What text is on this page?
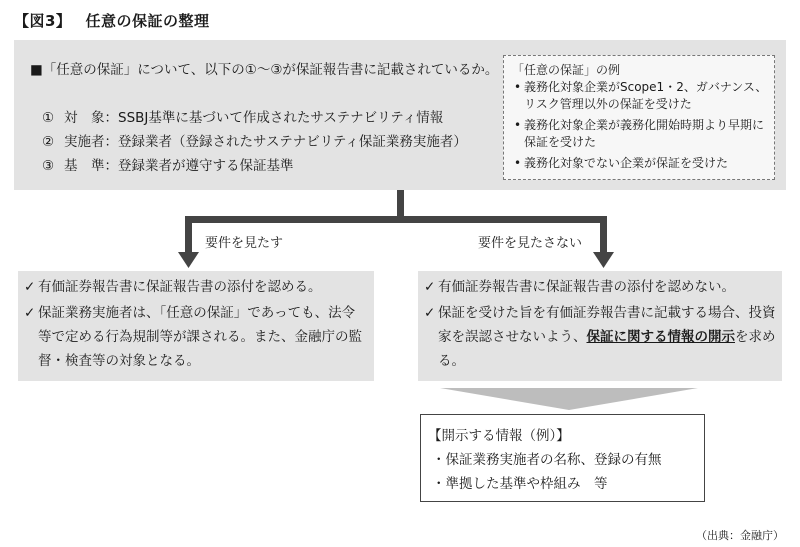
【図3】 任意の保証の整理
■「任意の保証」について、以下の①～③が保証報告書に記載されているか。
① 対　象：SSBJ基準に基づいて作成されたサステナビリティ情報
② 実施者：登録業者（登録されたサステナビリティ保証業務実施者）
③ 基　準：登録業者が遵守する保証基準
「任意の保証」の例
• 義務化対象企業がScope1・2、ガバナンス、リスク管理以外の保証を受けた
• 義務化対象企業が義務化開始時期より早期に保証を受けた
• 義務化対象でない企業が保証を受けた
要件を見たす	要件を見たさない
✓ 有価証券報告書に保証報告書の添付を認める。
✓ 保証業務実施者は、「任意の保証」であっても、法令等で定める行為規制等が課される。また、金融庁の監督・検査等の対象となる。
✓ 有価証券報告書に保証報告書の添付を認めない。
✓ 保証を受けた旨を有価証券報告書に記載する場合、投資家を誤認させないよう、保証に関する情報の開示を求める。
【開示する情報（例）】
・保証業務実施者の名称、登録の有無
・準拠した基準や枠組み　等
（出典：金融庁）
